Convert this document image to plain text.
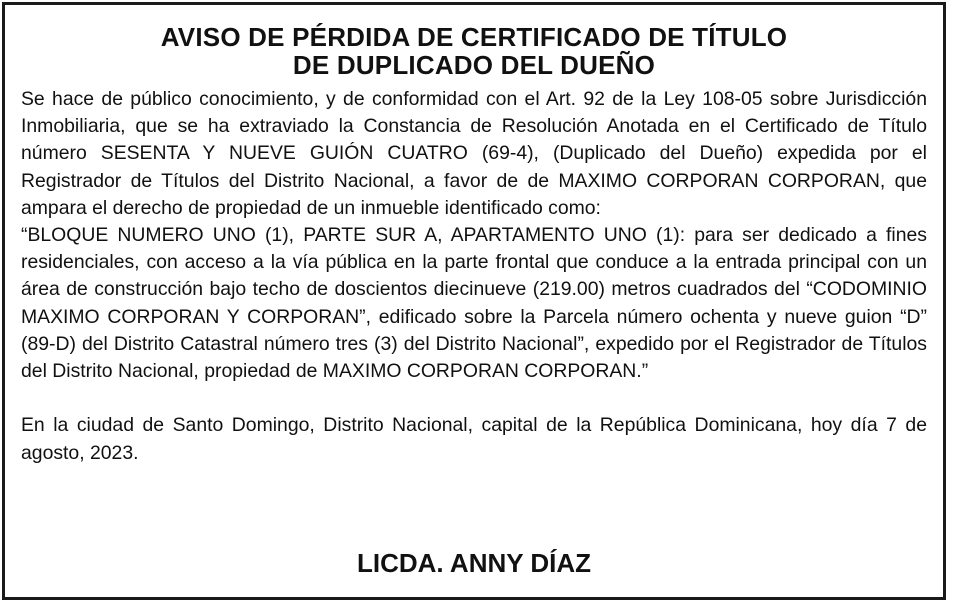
AVISO DE PÉRDIDA DE CERTIFICADO DE TÍTULO
DE DUPLICADO DEL DUEÑO

Se hace de público conocimiento, y de conformidad con el Art. 92 de la Ley 108-05 sobre Jurisdicción Inmobiliaria, que se ha extraviado la Constancia de Resolución Anotada en el Certificado de Título número SESENTA Y NUEVE GUIÓN CUATRO (69-4), (Duplicado del Dueño) expedida por el Registrador de Títulos del Distrito Nacional, a favor de de MAXIMO CORPORAN CORPORAN, que ampara el derecho de propiedad de un inmueble identificado como:

“BLOQUE NUMERO UNO (1), PARTE SUR A, APARTAMENTO UNO (1): para ser dedicado a fines residenciales, con acceso a la vía pública en la parte frontal que conduce a la entrada principal con un área de construcción bajo techo de doscientos diecinueve (219.00) metros cuadrados del “CODOMINIO MAXIMO CORPORAN Y CORPORAN”, edificado sobre la Parcela número ochenta y nueve guion “D” (89-D) del Distrito Catastral número tres (3) del Distrito Nacional”, expedido por el Registrador de Títulos del Distrito Nacional, propiedad de MAXIMO CORPORAN CORPORAN.”

En la ciudad de Santo Domingo, Distrito Nacional, capital de la República Dominicana, hoy día 7 de agosto, 2023.

LICDA. ANNY DÍAZ
